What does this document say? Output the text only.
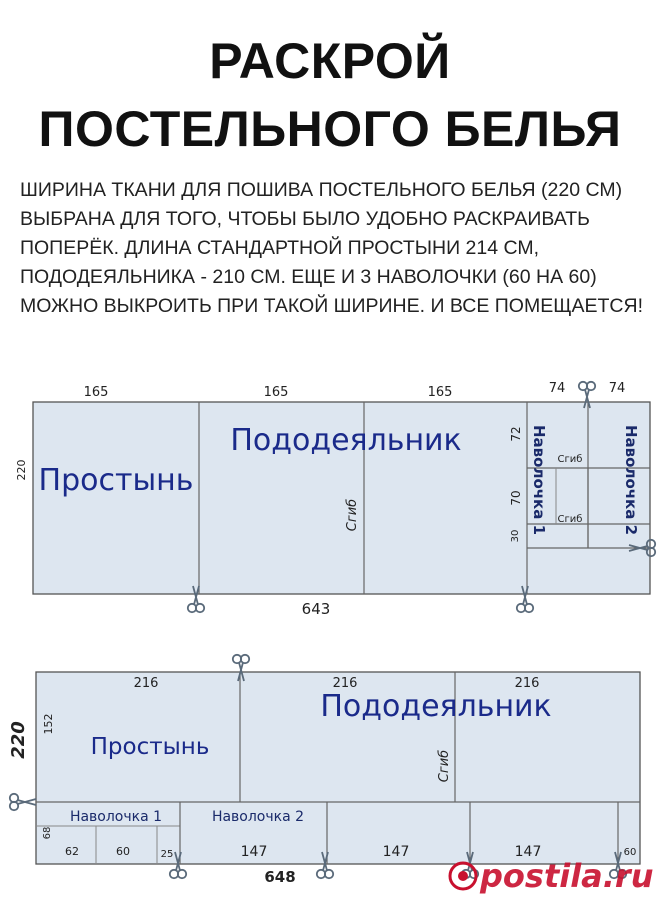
РАСКРОЙ
ПОСТЕЛЬНОГО БЕЛЬЯ
ШИРИНА ТКАНИ ДЛЯ ПОШИВА ПОСТЕЛЬНОГО БЕЛЬЯ (220 СМ) ВЫБРАНА ДЛЯ ТОГО, ЧТОБЫ БЫЛО УДОБНО РАСКРАИВАТЬ ПОПЕРЁК. ДЛИНА СТАНДАРТНОЙ ПРОСТЫНИ 214 СМ, ПОДОДЕЯЛЬНИКА - 210 СМ. ЕЩЕ И 3 НАВОЛОЧКИ (60 НА 60) МОЖНО ВЫКРОИТЬ ПРИ ТАКОЙ ШИРИНЕ. И ВСЕ ПОМЕЩАЕТСЯ!
165	165	165	74	74
220
643
Простынь
Пододеяльник
Сгиб	Наволочка 1	Наволочка 2
Сгиб
Сгиб
72
70
30
216	216	216
220 152
68
Простынь
Пододеяльник
Сгиб
Наволочка 1	Наволочка 2
62	60	25	147	147	147	60
648	postila.ru
